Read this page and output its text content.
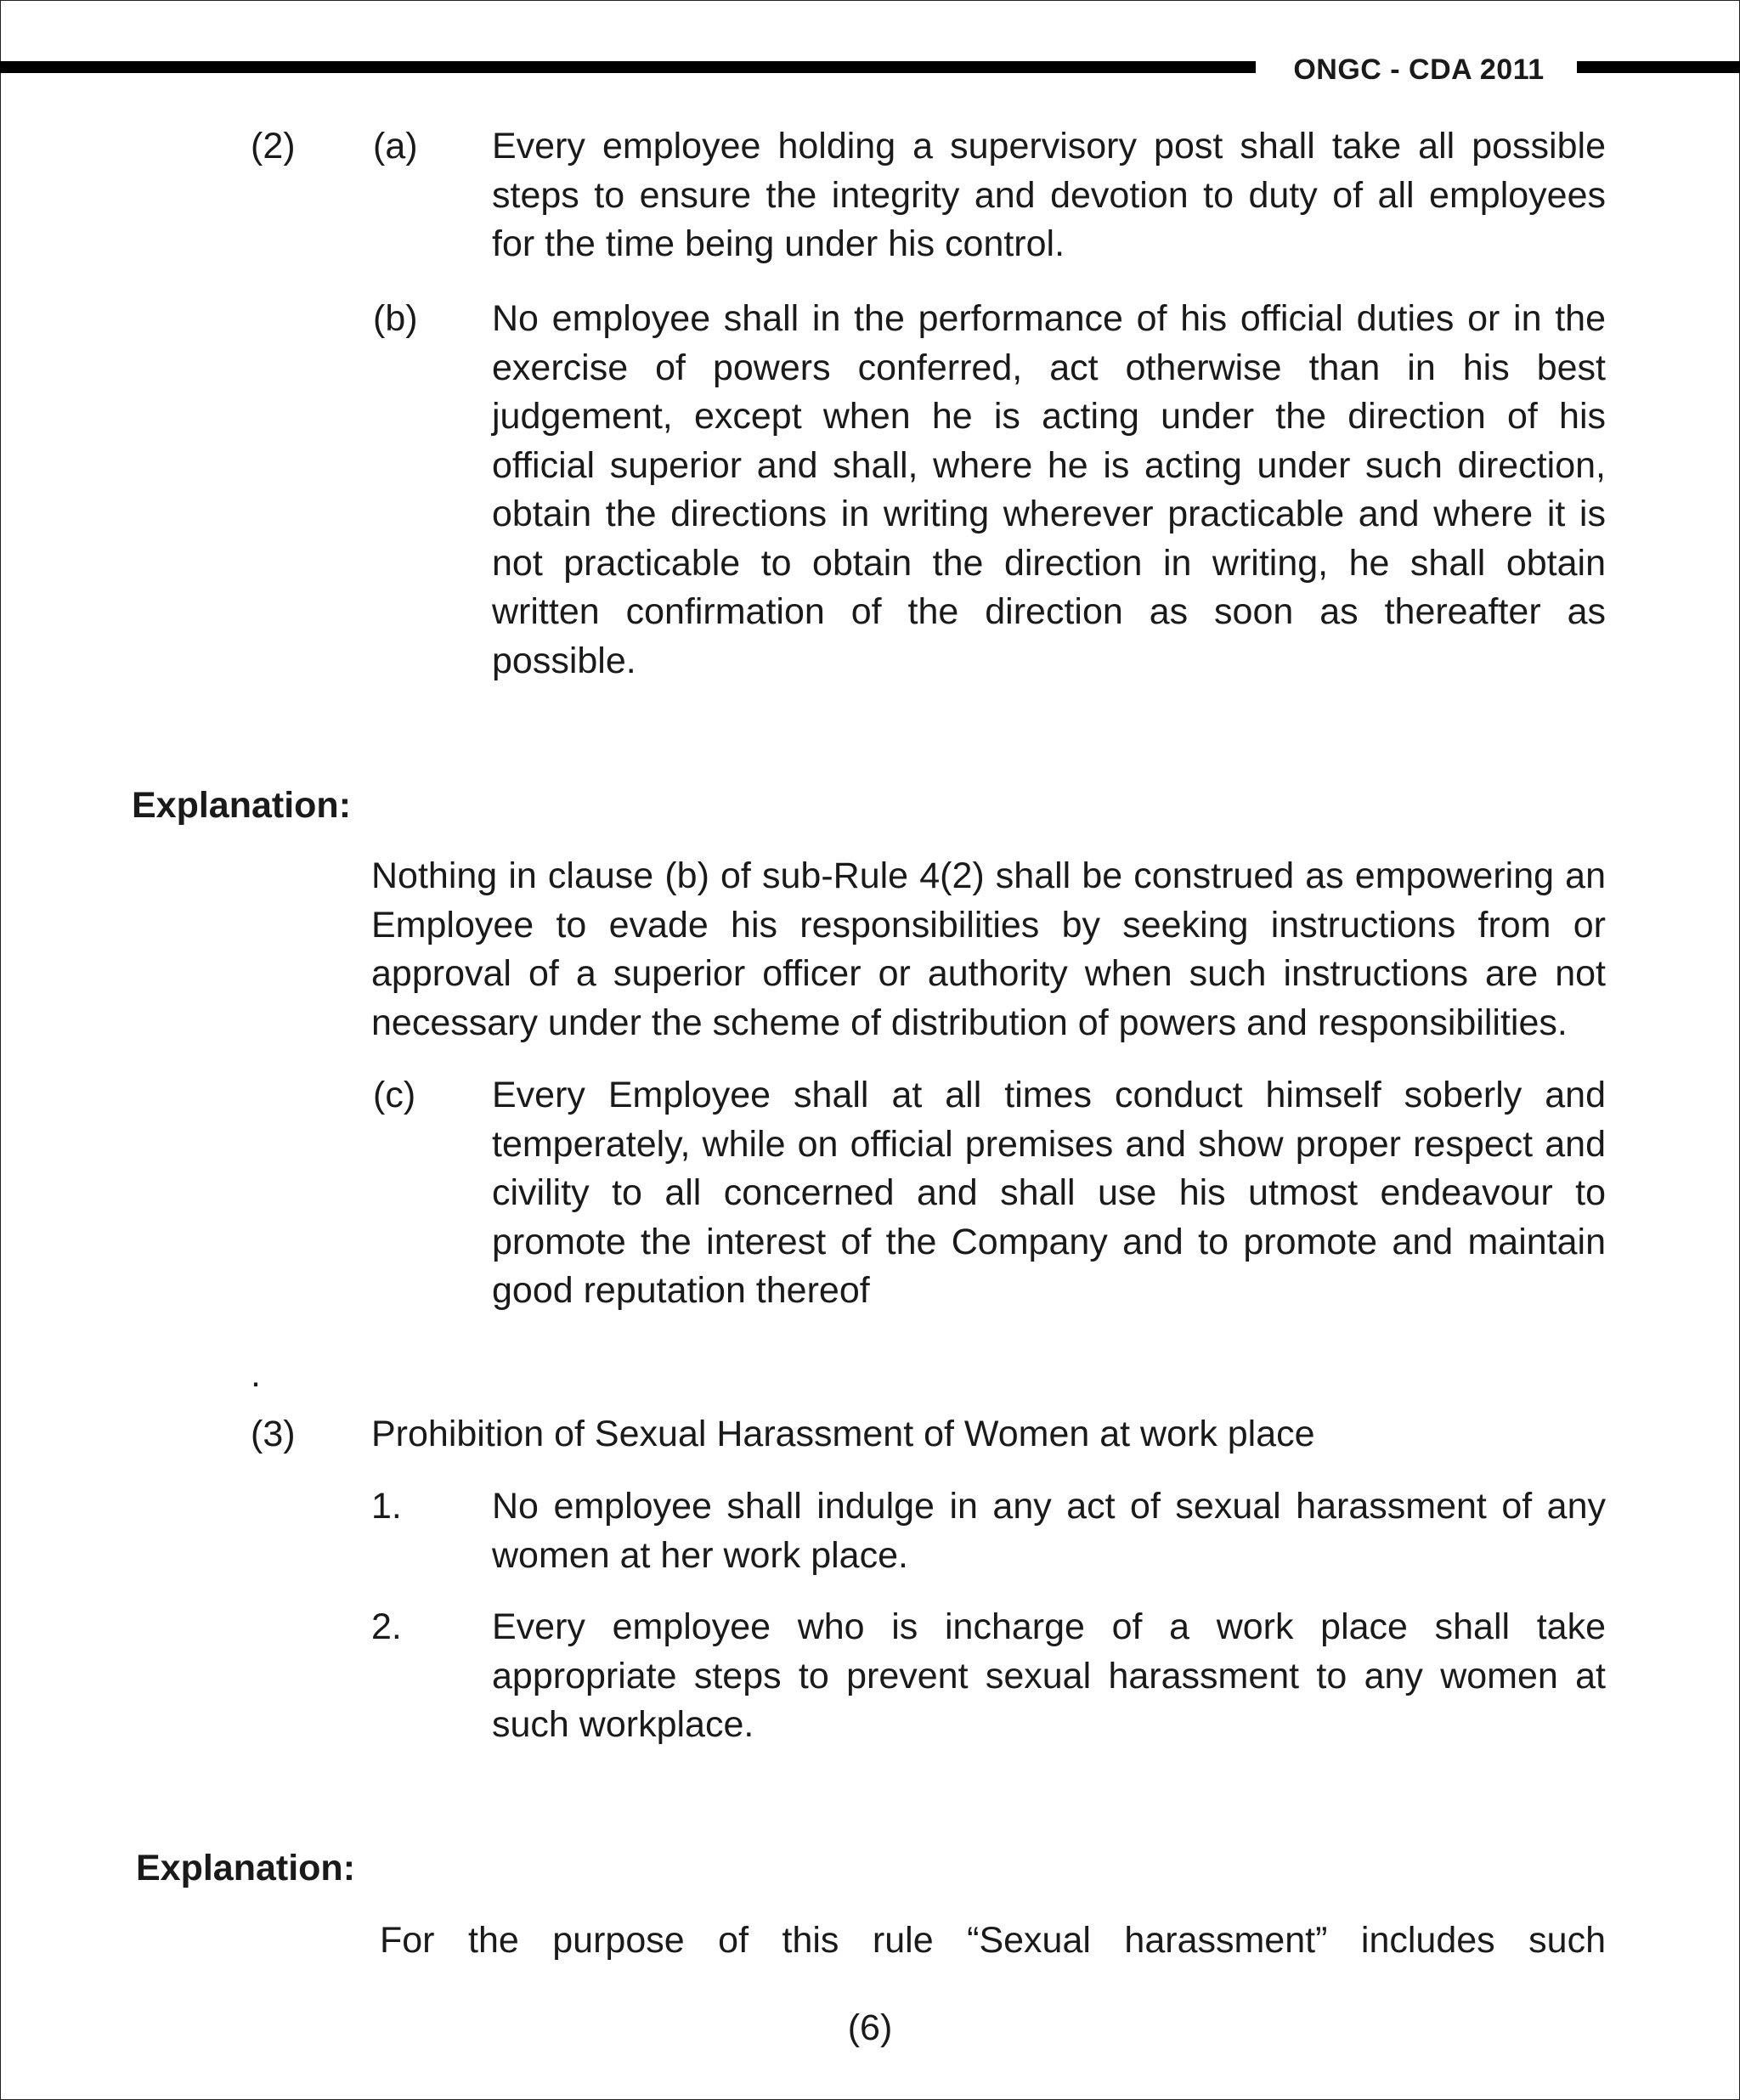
ONGC - CDA 2011
(2) (a) Every employee holding a supervisory post shall take all possible steps to ensure the integrity and devotion to duty of all employees for the time being under his control.

(b) No employee shall in the performance of his official duties or in the exercise of powers conferred, act otherwise than in his best judgement, except when he is acting under the direction of his official superior and shall, where he is acting under such direction, obtain the directions in writing wherever practicable and where it is not practicable to obtain the direction in writing, he shall obtain written confirmation of the direction as soon as thereafter as possible.

Explanation:

Nothing in clause (b) of sub-Rule 4(2) shall be construed as empowering an Employee to evade his responsibilities by seeking instructions from or approval of a superior officer or authority when such instructions are not necessary under the scheme of distribution of powers and responsibilities.

(c) Every Employee shall at all times conduct himself soberly and temperately, while on official premises and show proper respect and civility to all concerned and shall use his utmost endeavour to promote the interest of the Company and to promote and maintain good reputation thereof

.
(3) Prohibition of Sexual Harassment of Women at work place
1. No employee shall indulge in any act of sexual harassment of any women at her work place.

2. Every employee who is incharge of a work place shall take appropriate steps to prevent sexual harassment to any women at such workplace.

Explanation:

For the purpose of this rule “Sexual harassment” includes such

(6)
